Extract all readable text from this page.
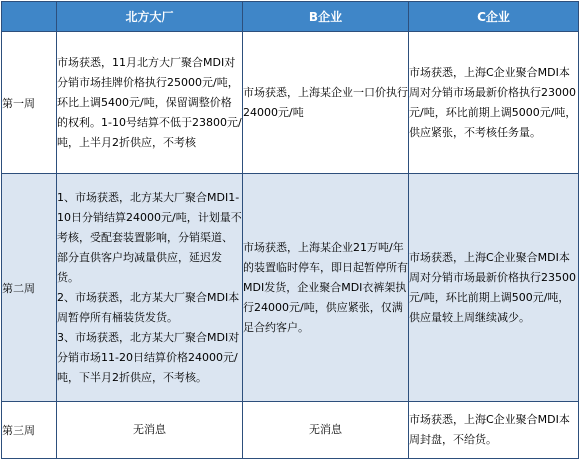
	北方大厂	B企业	C企业
第一周	市场获悉，11月北方大厂聚合MDI对分销市场挂牌价格执行25000元/吨，环比上调5400元/吨，保留调整价格的权利。1-10号结算不低于23800元/吨，上半月2折供应，不考核	市场获悉，上海某企业一口价执行24000元/吨	市场获悉，上海C企业聚合MDI本周对分销市场最新价格执行23000元/吨，环比前期上调5000元/吨，供应紧张，不考核任务量。
第二周	1、市场获悉，北方某大厂聚合MDI1-10日分销结算24000元/吨，计划量不考核，受配套装置影响，分销渠道、部分直供客户均减量供应，延迟发货。
2、市场获悉，北方某大厂聚合MDI本周暂停所有桶装货发货。
3、市场获悉，北方某大厂聚合MDI对分销市场11-20日结算价格24000元/吨，下半月2折供应，不考核。	市场获悉，上海某企业21万吨/年的装置临时停车，即日起暂停所有MDI发货，企业聚合MDI衣裤架执行24000元/吨，供应紧张，仅满足合约客户。	市场获悉，上海C企业聚合MDI本周对分销市场最新价格执行23500元/吨，环比前期上调500元/吨，供应量较上周继续减少。
第三周	无消息	无消息	市场获悉，上海C企业聚合MDI本周封盘，不给货。
